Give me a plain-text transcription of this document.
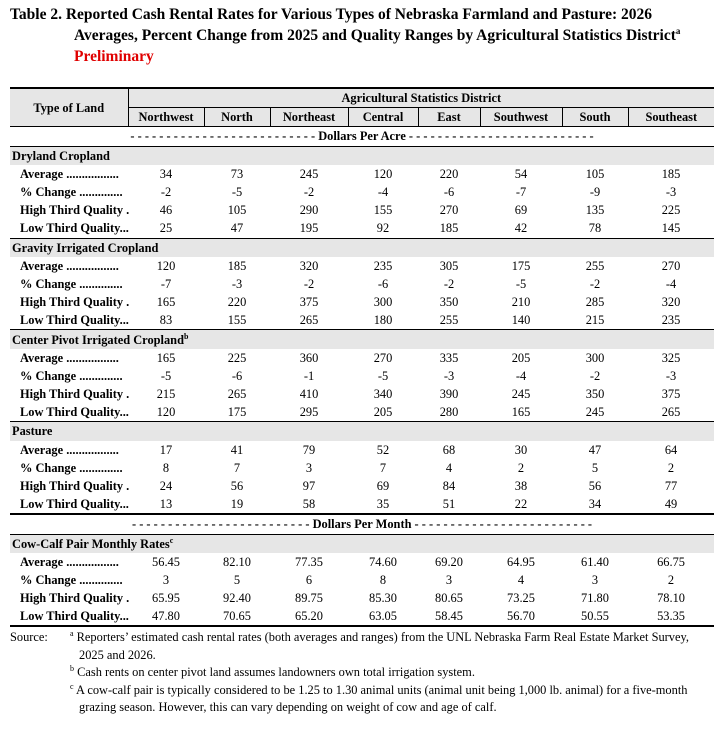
Table 2. Reported Cash Rental Rates for Various Types of Nebraska Farmland and Pasture: 2026
Averages, Percent Change from 2025 and Quality Ranges by Agricultural Statistics District$^a$
Preliminary
Type of Land	Agricultural Statistics District							
	Northwest	North	Northeast	Central	East	Southwest	South	Southeast
- - - - - - - - - - - - - - - - - - - - - - - - - - Dollars Per Acre - - - - - - - - - - - - - - - - - - - - - - - - - -								
Dryland Cropland								
Average .................	34	73	245	120	220	54	105	185
% Change ..............	-2	-5	-2	-4	-6	-7	-9	-3
High Third Quality .	46	105	290	155	270	69	135	225
Low Third Quality...	25	47	195	92	185	42	78	145
Gravity Irrigated Cropland								
Average .................	120	185	320	235	305	175	255	270
% Change ..............	-7	-3	-2	-6	-2	-5	-2	-4
High Third Quality .	165	220	375	300	350	210	285	320
Low Third Quality...	83	155	265	180	255	140	215	235
Center Pivot Irrigated Cropland$^b$
Average .................	165	225	360	270	335	205	300	325
% Change ..............	-5	-6	-1	-5	-3	-4	-2	-3
High Third Quality .	215	265	410	340	390	245	350	375
Low Third Quality...	120	175	295	205	280	165	245	265
Pasture								
Average .................	17	41	79	52	68	30	47	64
% Change ..............	8	7	3	7	4	2	5	2
High Third Quality .	24	56	97	69	84	38	56	77
Low Third Quality...	13	19	58	35	51	22	34	49
- - - - - - - - - - - - - - - - - - - - - - - - - Dollars Per Month - - - - - - - - - - - - - - - - - - - - - - - - -								
Cow-Calf Pair Monthly Rates$^c$
Average .................	56.45	82.10	77.35	74.60	69.20	64.95	61.40	66.75
% Change ..............	3	5	6	8	3	4	3	2
High Third Quality .	65.95	92.40	89.75	85.30	80.65	73.25	71.80	78.10
Low Third Quality...	47.80	70.65	65.20	63.05	58.45	56.70	50.55	53.35
Source:	$^a$ Reporters’ estimated cash rental rates (both averages and ranges) from the UNL Nebraska Farm Real Estate Market Survey, 2025 and 2026.

$^b$ Cash rents on center pivot land assumes landowners own total irrigation system.

$^c$ A cow-calf pair is typically considered to be 1.25 to 1.30 animal units (animal unit being 1,000 lb. animal) for a five-month grazing season. However, this can vary depending on weight of cow and age of calf.
